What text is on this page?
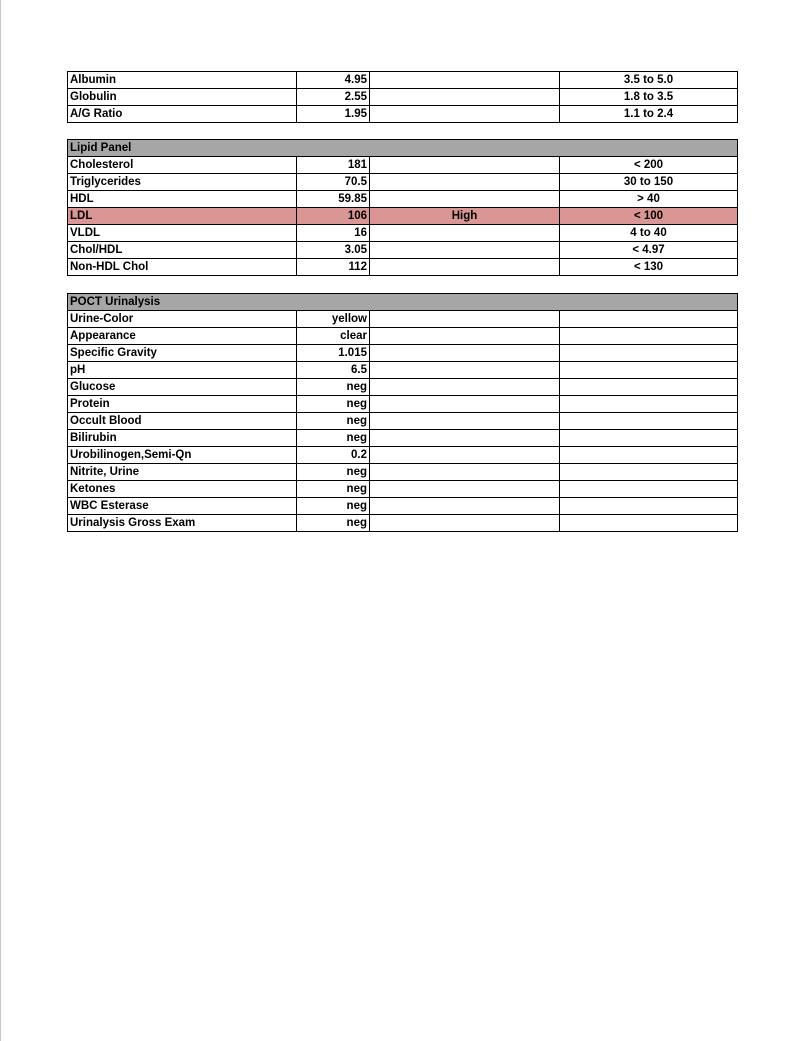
Albumin	4.95		3.5 to 5.0
Globulin	2.55		1.8 to 3.5
A/G Ratio	1.95		1.1 to 2.4
Lipid Panel			
Cholesterol	181		< 200
Triglycerides	70.5		30 to 150
HDL	59.85		> 40
LDL	106	High	< 100
VLDL	16		4 to 40
Chol/HDL	3.05		< 4.97
Non-HDL Chol	112		< 130
POCT Urinalysis			
Urine-Color	yellow		
Appearance	clear		
Specific Gravity	1.015		
pH	6.5		
Glucose	neg		
Protein	neg		
Occult Blood	neg		
Bilirubin	neg		
Urobilinogen,Semi-Qn	0.2		
Nitrite, Urine	neg		
Ketones	neg		
WBC Esterase	neg		
Urinalysis Gross Exam	neg		
